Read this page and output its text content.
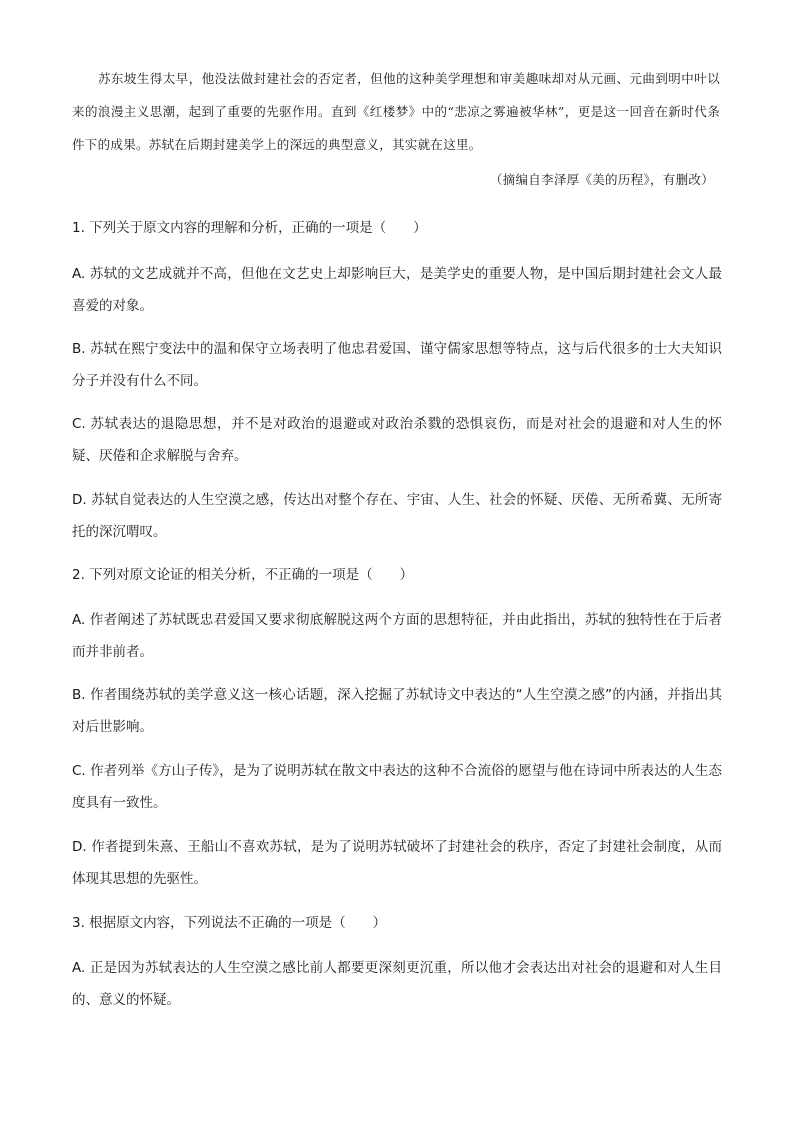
苏东坡生得太早，他没法做封建社会的否定者，但他的这种美学理想和审美趣味却对从元画、元曲到明中叶以来的浪漫主义思潮，起到了重要的先驱作用。直到《红楼梦》中的“悲凉之雾遍被华林”，更是这一回音在新时代条件下的成果。苏轼在后期封建美学上的深远的典型意义，其实就在这里。

（摘编自李泽厚《美的历程》，有删改）

1. 下列关于原文内容的理解和分析，正确的一项是（　　）

A. 苏轼的文艺成就并不高，但他在文艺史上却影响巨大，是美学史的重要人物，是中国后期封建社会文人最喜爱的对象。

B. 苏轼在熙宁变法中的温和保守立场表明了他忠君爱国、谨守儒家思想等特点，这与后代很多的士大夫知识分子并没有什么不同。

C. 苏轼表达的退隐思想，并不是对政治的退避或对政治杀戮的恐惧哀伤，而是对社会的退避和对人生的怀疑、厌倦和企求解脱与舍弃。

D. 苏轼自觉表达的人生空漠之感，传达出对整个存在、宇宙、人生、社会的怀疑、厌倦、无所希冀、无所寄托的深沉喟叹。

2. 下列对原文论证的相关分析，不正确的一项是（　　）

A. 作者阐述了苏轼既忠君爱国又要求彻底解脱这两个方面的思想特征，并由此指出，苏轼的独特性在于后者而并非前者。

B. 作者围绕苏轼的美学意义这一核心话题，深入挖掘了苏轼诗文中表达的“人生空漠之感”的内涵，并指出其对后世影响。

C. 作者列举《方山子传》，是为了说明苏轼在散文中表达的这种不合流俗的愿望与他在诗词中所表达的人生态度具有一致性。

D. 作者提到朱熹、王船山不喜欢苏轼，是为了说明苏轼破坏了封建社会的秩序，否定了封建社会制度，从而体现其思想的先驱性。

3. 根据原文内容，下列说法不正确的一项是（　　）

A. 正是因为苏轼表达的人生空漠之感比前人都要更深刻更沉重，所以他才会表达出对社会的退避和对人生目的、意义的怀疑。
